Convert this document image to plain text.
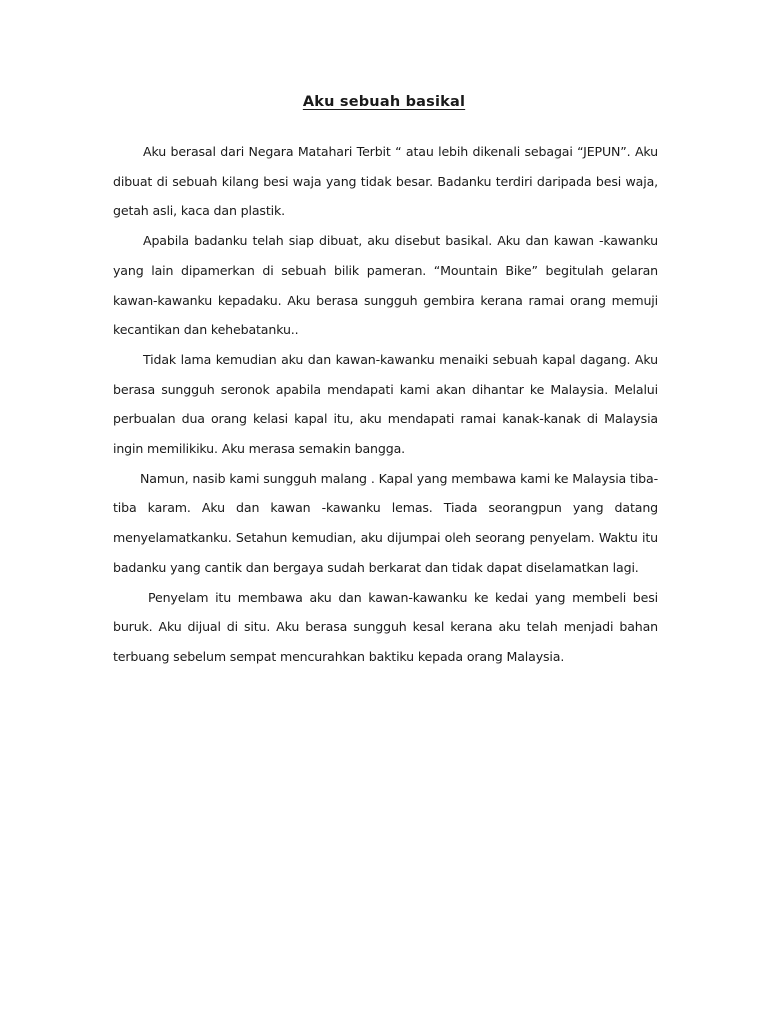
Aku sebuah basikal

Aku berasal dari Negara Matahari Terbit “ atau lebih dikenali sebagai “JEPUN”. Aku dibuat di sebuah kilang besi waja yang tidak besar. Badanku terdiri daripada besi waja, getah asli, kaca dan plastik.

Apabila badanku telah siap dibuat, aku disebut basikal. Aku dan kawan -kawanku yang lain dipamerkan di sebuah bilik pameran. “Mountain Bike” begitulah gelaran kawan-kawanku kepadaku. Aku berasa sungguh gembira kerana ramai orang memuji kecantikan dan kehebatanku..

Tidak lama kemudian aku dan kawan-kawanku menaiki sebuah kapal dagang. Aku berasa sungguh seronok apabila mendapati kami akan dihantar ke Malaysia. Melalui perbualan dua orang kelasi kapal itu, aku mendapati ramai kanak-kanak di Malaysia ingin memilikiku. Aku merasa semakin bangga.

Namun, nasib kami sungguh malang . Kapal yang membawa kami ke Malaysia tiba-tiba karam. Aku dan kawan -kawanku lemas. Tiada seorangpun yang datang menyelamatkanku. Setahun kemudian, aku dijumpai oleh seorang penyelam. Waktu itu badanku yang cantik dan bergaya sudah berkarat dan tidak dapat diselamatkan lagi.

Penyelam itu membawa aku dan kawan-kawanku ke kedai yang membeli besi buruk. Aku dijual di situ. Aku berasa sungguh kesal kerana aku telah menjadi bahan terbuang sebelum sempat mencurahkan baktiku kepada orang Malaysia.
